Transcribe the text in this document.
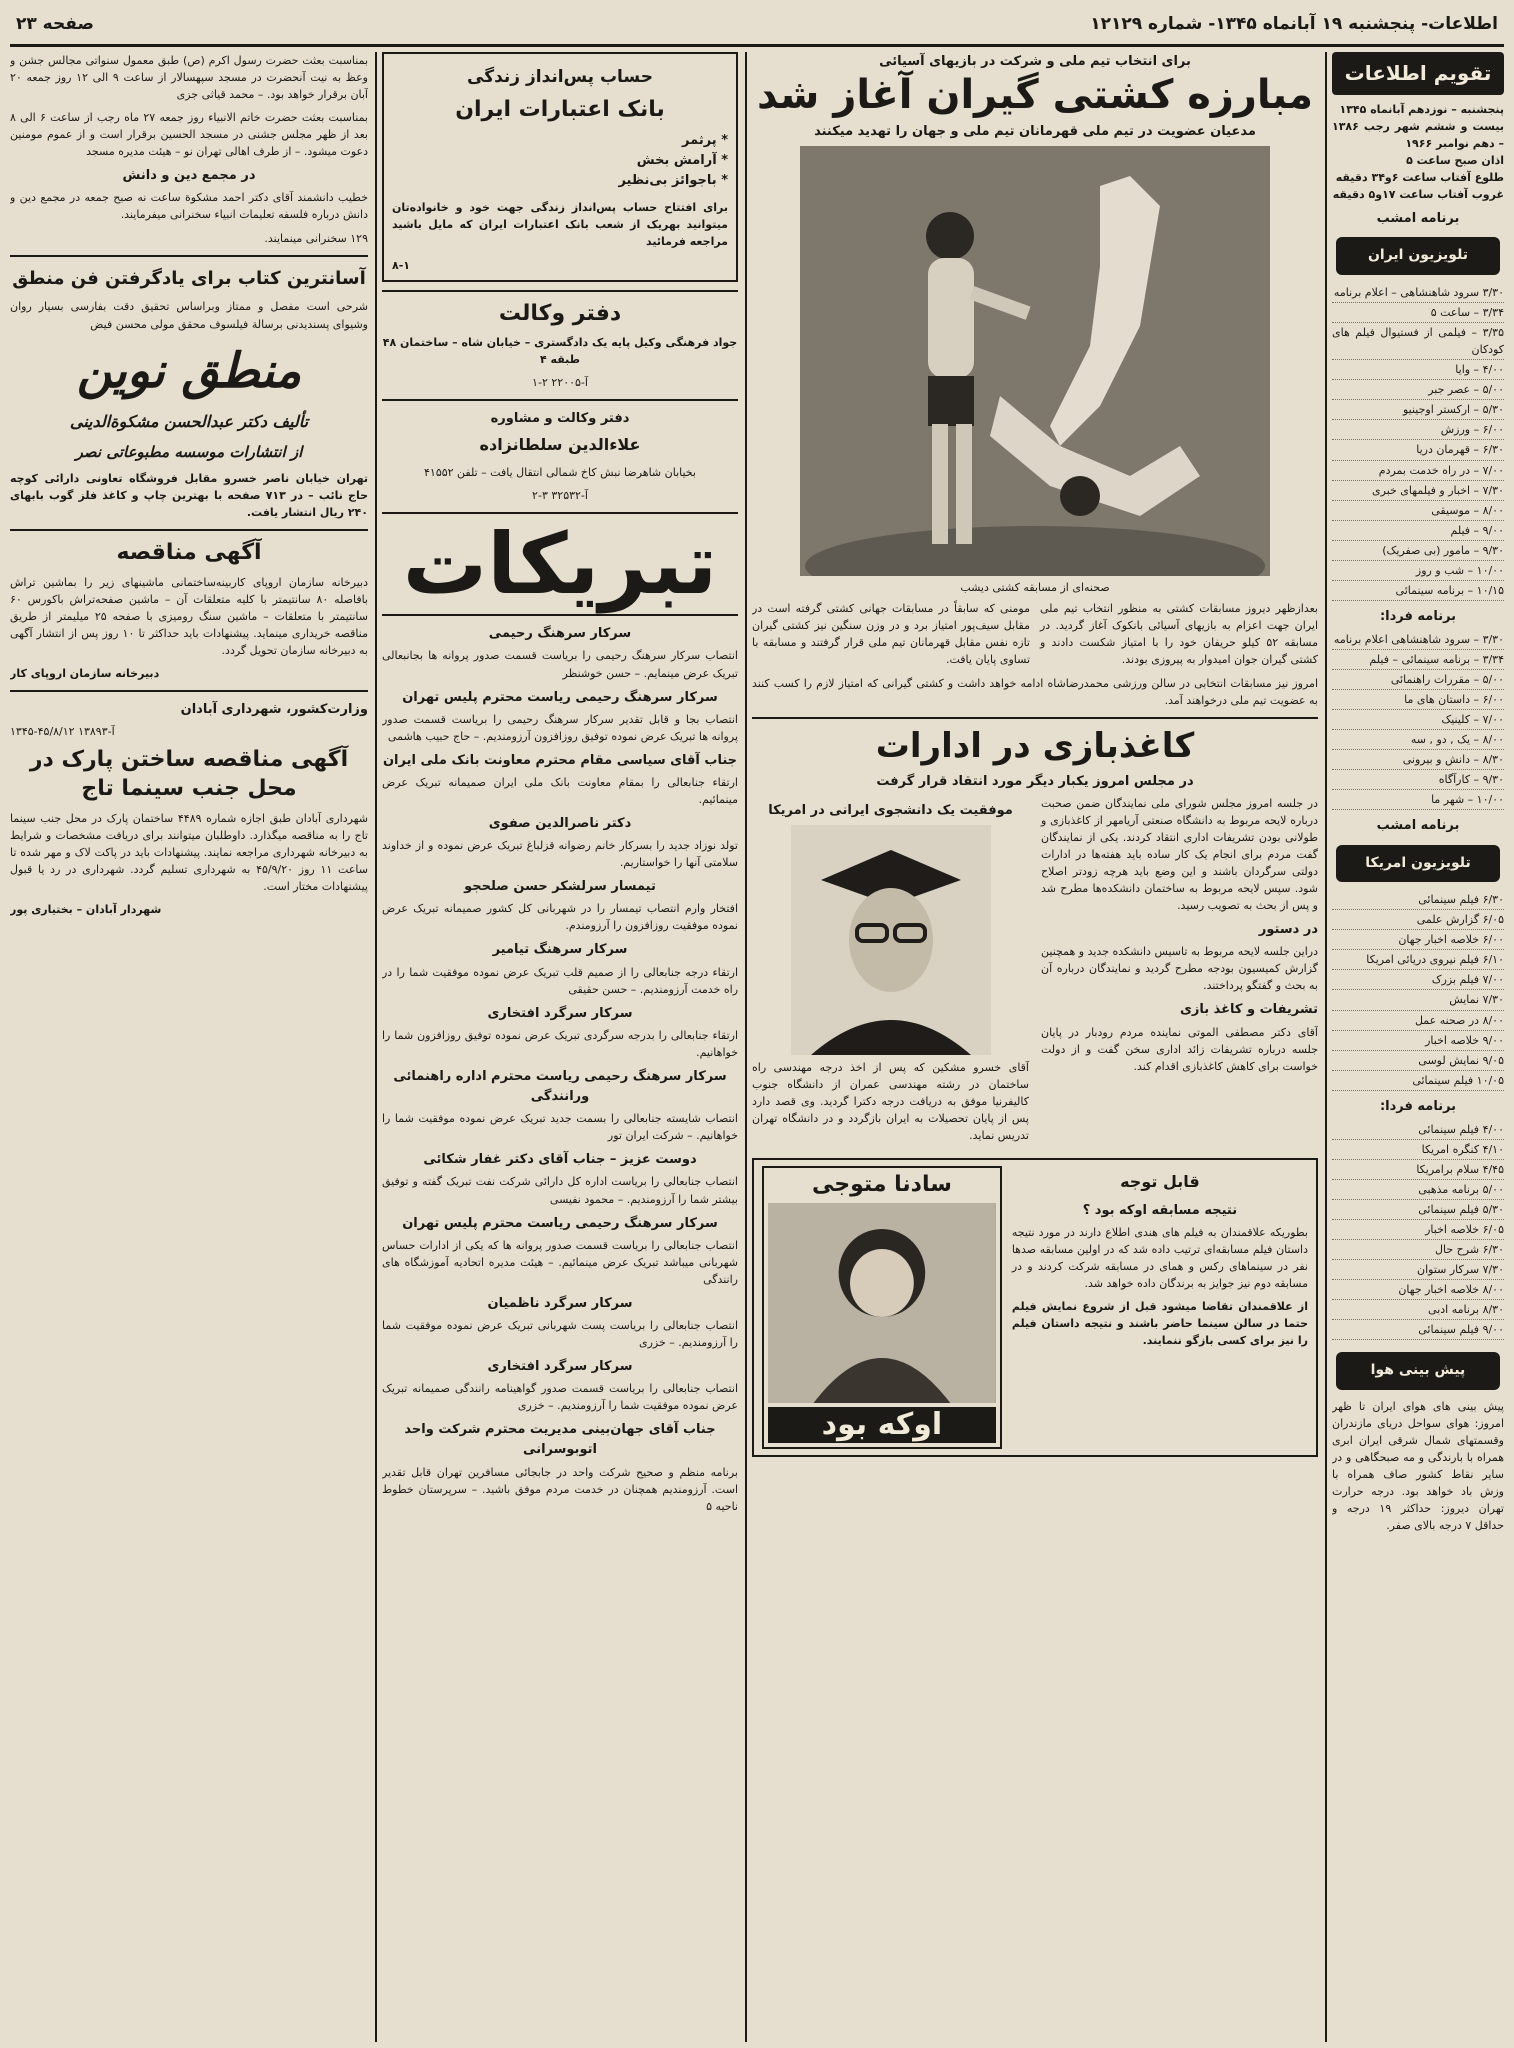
اطلاعات- پنجشنبه ۱۹ آبانماه ۱۳۴۵- شماره ۱۲۱۲۹
صفحه ۲۳
تقویم اطلاعات
پنجشنبه – نوزدهم آبانماه ۱۳۴۵
بیست و ششم شهر رجب ۱۳۸۶ – دهم نوامبر ۱۹۶۶
اذان صبح ساعت ۵
طلوع آفتاب ساعت ۶و۳۴ دقیقه
غروب آفتاب ساعت ۱۷و۵ دقیقه
برنامه امشب
تلویزیون ایران
۳/۳۰ سرود شاهنشاهی – اعلام برنامه
۳/۳۴ – ساعت ۵
۳/۳۵ – فیلمی از فستیوال فیلم های کودکان
۴/۰۰ – وایا
۵/۰۰ – عصر جبر
۵/۳۰ – ارکستر اوجینیو
۶/۰۰ – ورزش
۶/۳۰ – قهرمان دریا
۷/۰۰ – در راه خدمت بمردم
۷/۳۰ – اخبار و فیلمهای خبری
۸/۰۰ – موسیقی
۹/۰۰ – فیلم
۹/۳۰ – مامور (بی صفریک)
۱۰/۰۰ – شب و روز
۱۰/۱۵ – برنامه سینمائی
برنامه فردا:
۳/۳۰ – سرود شاهنشاهی اعلام برنامه
۳/۳۴ – برنامه سینمائی – فیلم
۵/۰۰ – مقررات راهنمائی
۶/۰۰ – داستان های ما
۷/۰۰ – کلینیک
۸/۰۰ – یک , دو , سه
۸/۳۰ – دانش و بیرونی
۹/۳۰ – کارآگاه
۱۰/۰۰ – شهر ما
برنامه امشب
تلویزیون امریکا
۶/۳۰ فیلم سینمائی
۶/۰۵ گزارش علمی
۶/۰۰ خلاصه اخبار جهان
۶/۱۰ فیلم نیروی دریائی امریکا
۷/۰۰ فیلم بزرک
۷/۳۰ نمایش
۸/۰۰ در صحنه عمل
۹/۰۰ خلاصه اخبار
۹/۰۵ نمایش لوسی
۱۰/۰۵ فیلم سینمائی
برنامه فردا:
۴/۰۰ فیلم سینمائی
۴/۱۰ کنگره امریکا
۴/۴۵ سلام برامریکا
۵/۰۰ برنامه مذهبی
۵/۳۰ فیلم سینمائی
۶/۰۵ خلاصه اخبار
۶/۳۰ شرح حال
۷/۳۰ سرکار ستوان
۸/۰۰ خلاصه اخبار جهان
۸/۳۰ برنامه ادبی
۹/۰۰ فیلم سینمائی
پیش بینی هوا

پیش بینی های هوای ایران تا ظهر امروز: هوای سواحل دریای مازندران وقسمتهای شمال شرقی ایران ابری همراه با بارندگی و مه صبحگاهی و در سایر نقاط کشور صاف همراه با وزش باد خواهد بود. درجه حرارت تهران دیروز: حداکثر ۱۹ درجه و حداقل ۷ درجه بالای صفر.

برای انتخاب تیم ملی و شرکت در بازیهای آسیائی
مبارزه کشتی گیران آغاز شد
مدعیان عضویت در تیم ملی قهرمانان تیم ملی و جهان را تهدید میکنند
صحنه‌ای از مسابقه کشتی دیشب

بعدازظهر دیروز مسابقات کشتی به منظور انتخاب تیم ملی ایران جهت اعزام به بازیهای آسیائی بانکوک آغاز گردید. در مسابقه ۵۲ کیلو حریفان خود را با امتیاز شکست دادند و کشتی گیران جوان امیدوار به پیروزی بودند.

مومنی که سابقاً در مسابقات جهانی کشتی گرفته است در مقابل سیف‌پور امتیاز برد و در وزن سنگین نیز کشتی گیران تازه نفس مقابل قهرمانان تیم ملی قرار گرفتند و مسابقه با تساوی پایان یافت.

امروز نیز مسابقات انتخابی در سالن ورزشی محمدرضاشاه ادامه خواهد داشت و کشتی گیرانی که امتیاز لازم را کسب کنند به عضویت تیم ملی درخواهند آمد.

کاغذبازی در ادارات
در مجلس امروز یکبار دیگر مورد انتقاد قرار گرفت

در جلسه امروز مجلس شورای ملی نمایندگان ضمن صحبت درباره لایحه مربوط به دانشگاه صنعتی آریامهر از کاغذبازی و طولانی بودن تشریفات اداری انتقاد کردند. یکی از نمایندگان گفت مردم برای انجام یک کار ساده باید هفته‌ها در ادارات دولتی سرگردان باشند و این وضع باید هرچه زودتر اصلاح شود. سپس لایحه مربوط به ساختمان دانشکده‌ها مطرح شد و پس از بحث به تصویب رسید.

در دستور

دراین جلسه لایحه مربوط به تاسیس دانشکده جدید و همچنین گزارش کمیسیون بودجه مطرح گردید و نمایندگان درباره آن به بحث و گفتگو پرداختند.

تشریفات و کاغذ بازی

آقای دکتر مصطفی الموتی نماینده مردم رودبار در پایان جلسه درباره تشریفات زائد اداری سخن گفت و از دولت خواست برای کاهش کاغذبازی اقدام کند.

موفقیت یک دانشجوی ایرانی در امریکا

آقای خسرو مشکین که پس از اخذ درجه مهندسی راه ساختمان در رشته مهندسی عمران از دانشگاه جنوب کالیفرنیا موفق به دریافت درجه دکترا گردید. وی قصد دارد پس از پایان تحصیلات به ایران بازگردد و در دانشگاه تهران تدریس نماید.

قابل توجه
نتیجه مسابقه اوکه بود ؟

بطوریکه علاقمندان به فیلم های هندی اطلاع دارند در مورد نتیجه داستان فیلم مسابقه‌ای ترتیب داده شد که در اولین مسابقه صدها نفر در سینماهای رکس و همای در مسابقه شرکت کردند و در مسابقه دوم نیز جوایز به برندگان داده خواهد شد.

از علاقمندان تقاضا میشود قبل از شروع نمایش فیلم حتما در سالن سینما حاضر باشند و نتیجه داستان فیلم را نیز برای کسی بازگو ننمایند.

سادنا متوجی
اوکه بود
حساب پس‌انداز زندگی
بانک اعتبارات ایران
* پرثمر
* آرامش بخش
* باجوائز بی‌نظیر

برای افتتاح حساب پس‌انداز زندگی جهت خود و خانواده‌تان میتوانید بهریک از شعب بانک اعتبارات ایران که مایل باشید مراجعه فرمائید

۸-۱
دفتر وکالت

جواد فرهنگی وکیل پایه یک دادگستری – خیابان شاه – ساختمان ۴۸ طبقه ۴

آ-۲۲۰۰۵ ۲-۱
دفتر وکالت و مشاوره
علاءالدین سلطانزاده

بخیابان شاهرضا نبش کاخ شمالی انتقال یافت – تلفن ۴۱۵۵۲

آ-۳۲۵۳۲ ۳-۲
تبریکات
سرکار سرهنگ رحیمی

انتصاب سرکار سرهنگ رحیمی را بریاست قسمت صدور پروانه ها بجانبعالی تبریک عرض مینمایم. – حسن خوشنظر

سرکار سرهنگ رحیمی ریاست محترم پلیس تهران

انتصاب بجا و قابل تقدیر سرکار سرهنگ رحیمی را بریاست قسمت صدور پروانه ها تبریک عرض نموده توفیق روزافزون آرزومندیم. – حاج حبیب هاشمی

جناب آقای سیاسی مقام محترم معاونت بانک ملی ایران

ارتقاء جنابعالی را بمقام معاونت بانک ملی ایران صمیمانه تبریک عرض مینمائیم.

دکتر ناصرالدین صفوی

تولد نوزاد جدید را بسرکار خانم رضوانه قزلباغ تبریک عرض نموده و از خداوند سلامتی آنها را خواستاریم.

تیمسار سرلشکر حسن صلحجو

افتخار وارم انتصاب تیمسار را در شهربانی کل کشور صمیمانه تبریک عرض نموده موفقیت روزافزون را آرزومندم.

سرکار سرهنگ تیامیر

ارتقاء درجه جنابعالی را از صمیم قلب تبریک عرض نموده موفقیت شما را در راه خدمت آرزومندیم. – حسن حقیقی

سرکار سرگرد افتخاری

ارتقاء جنابعالی را بدرجه سرگردی تبریک عرض نموده توفیق روزافزون شما را خواهانیم.

سرکار سرهنگ رحیمی ریاست محترم اداره راهنمائی ورانندگی

انتصاب شایسته جنابعالی را بسمت جدید تبریک عرض نموده موفقیت شما را خواهانیم. – شرکت ایران تور

دوست عزیز – جناب آقای دکتر غفار شکائی

انتصاب جنابعالی را بریاست اداره کل دارائی شرکت نفت تبریک گفته و توفیق بیشتر شما را آرزومندیم. – محمود نفیسی

سرکار سرهنگ رحیمی ریاست محترم پلیس تهران

انتصاب جنابعالی را بریاست قسمت صدور پروانه ها که یکی از ادارات حساس شهربانی میباشد تبریک عرض مینمائیم. – هیئت مدیره اتحادیه آموزشگاه های رانندگی

سرکار سرگرد ناظمیان

انتصاب جنابعالی را بریاست پست شهربانی تبریک عرض نموده موفقیت شما را آرزومندیم. – خزری

سرکار سرگرد افتخاری

انتصاب جنابعالی را بریاست قسمت صدور گواهینامه رانندگی صمیمانه تبریک عرض نموده موفقیت شما را آرزومندیم. – خزری

جناب آقای جهان‌بینی مدیریت محترم شرکت واحد اتوبوسرانی

برنامه منظم و صحیح شرکت واحد در جابجائی مسافرین تهران قابل تقدیر است. آرزومندیم همچنان در خدمت مردم موفق باشید. – سرپرستان خطوط ناحیه ۵

بمناسبت بعثت حضرت رسول اکرم (ص) طبق معمول سنواتی مجالس جشن و وعظ به نیت آنحضرت در مسجد سپهسالار از ساعت ۹ الی ۱۲ روز جمعه ۲۰ آبان برقرار خواهد بود. – محمد قیاثی جزی

بمناسبت بعثت حضرت خاتم الانبیاء روز جمعه ۲۷ ماه رجب از ساعت ۶ الی ۸ بعد از ظهر مجلس جشنی در مسجد الحسین برقرار است و از عموم مومنین دعوت میشود. – از طرف اهالی تهران نو – هیئت مدیره مسجد

در مجمع دین و دانش

خطیب دانشمند آقای دکتر احمد مشکوة ساعت نه صبح جمعه در مجمع دین و دانش درباره فلسفه تعلیمات انبیاء سخنرانی میفرمایند.

۱۲۹ سخنرانی مینمایند.

آسانترین کتاب برای یادگرفتن فن منطق

شرحی است مفصل و ممتاز وبراساس تحقیق دقت بفارسی بسیار روان وشیوای پسندیدنی برسالة فیلسوف محقق مولی محسن فیض

منطق نوین
تألیف دکتر عبدالحسن مشکوة‌الدینی
از انتشارات موسسه مطبوعاتی نصر

تهران خیابان ناصر خسرو مقابل فروشگاه تعاونی دارائی کوچه حاج نائب – در ۷۱۳ صفحه با بهترین چاپ و کاغذ فلز گوب بابهای ۲۴۰ ریال انتشار یافت.

آگهی مناقصه

دبیرخانه سازمان اروپای کاربینه‌ساختمانی ماشینهای زیر را بماشین تراش بافاصله ۸۰ سانتیمتر با کلیه متعلقات آن – ماشین صفحه‌تراش باکورس ۶۰ سانتیمتر با متعلقات – ماشین سنگ رومیزی با صفحه ۲۵ میلیمتر از طریق مناقصه خریداری مینماید. پیشنهادات باید حداکثر تا ۱۰ روز پس از انتشار آگهی به دبیرخانه سازمان تحویل گردد.

دبیرخانه سازمان اروپای کار
وزارت‌کشور، شهرداری آبادان
آ-۱۳۸۹۳ ۴۵/۸/۱۲-۱۳۴۵
آگهی مناقصه ساختن پارک در محل جنب سینما تاج

شهرداری آبادان طبق اجازه شماره ۴۴۸۹ ساختمان پارک در محل جنب سینما تاج را به مناقصه میگذارد. داوطلبان میتوانند برای دریافت مشخصات و شرایط به دبیرخانه شهرداری مراجعه نمایند. پیشنهادات باید در پاکت لاک و مهر شده تا ساعت ۱۱ روز ۴۵/۹/۲۰ به شهرداری تسلیم گردد. شهرداری در رد یا قبول پیشنهادات مختار است.

شهردار آبادان – بختیاری پور
